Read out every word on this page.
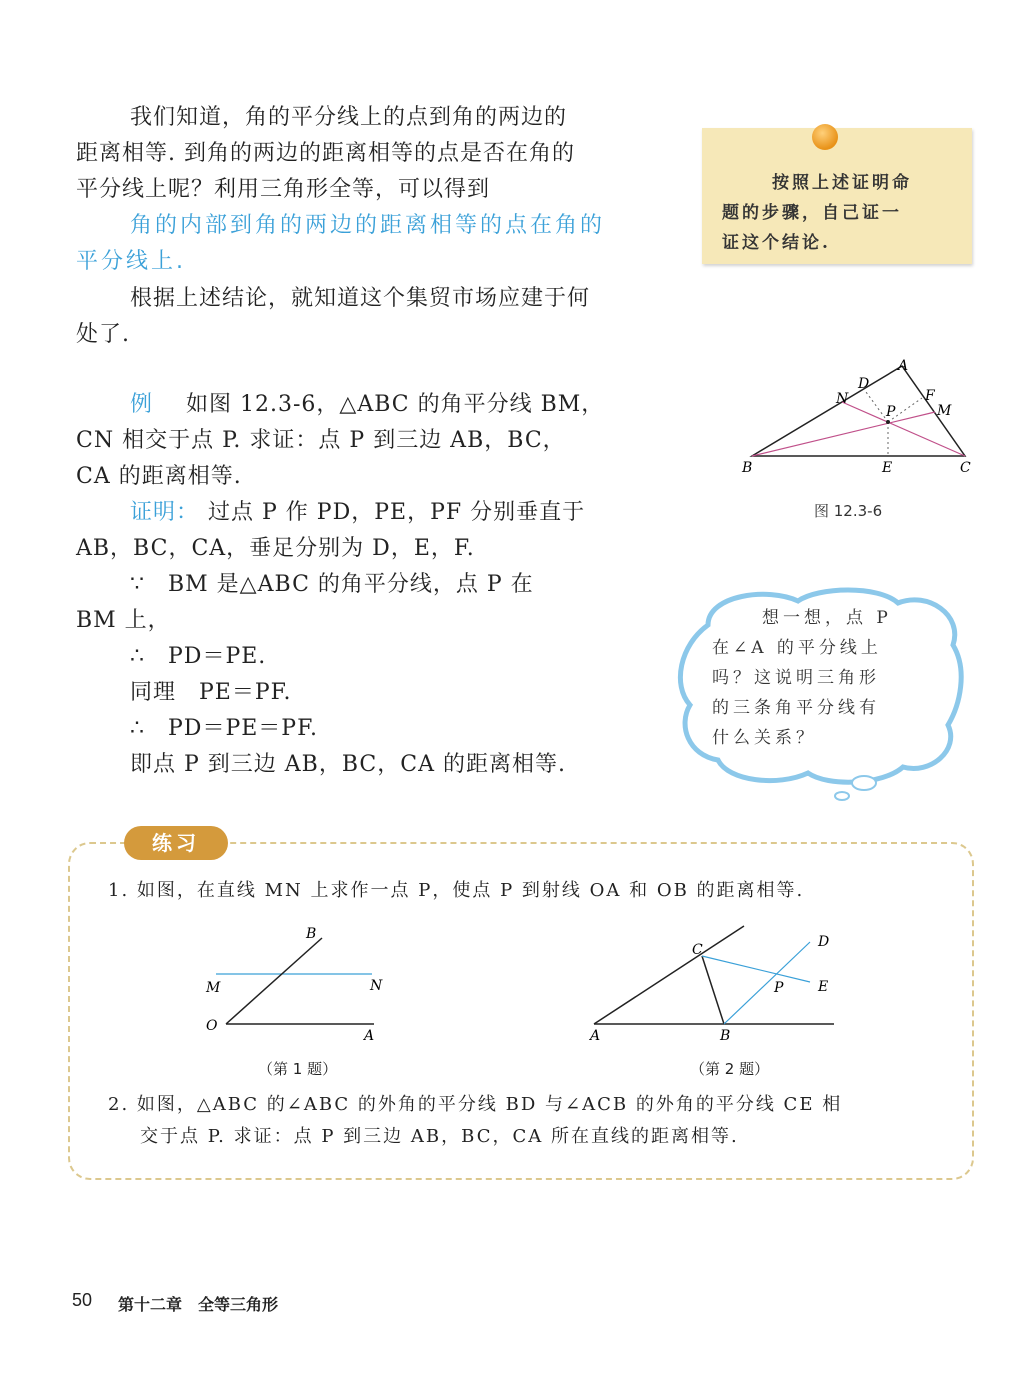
我们知道，角的平分线上的点到角的两边的
距离相等. 到角的两边的距离相等的点是否在角的
平分线上呢？利用三角形全等，可以得到
角的内部到角的两边的距离相等的点在角的
平分线上.
根据上述结论，就知道这个集贸市场应建于何
处了.
按照上述证明命
题的步骤，自己证一
证这个结论.
例 如图 12.3-6，△ABC 的角平分线 BM，
CN 相交于点 P. 求证：点 P 到三边 AB，BC，
CA 的距离相等.
证明： 过点 P 作 PD，PE，PF 分别垂直于
AB，BC，CA，垂足分别为 D，E，F.
∵　BM 是△ABC 的角平分线，点 P 在
BM 上，
∴　PD＝PE.
同理　PE＝PF.
∴　PD＝PE＝PF.
即点 P 到三边 AB，BC，CA 的距离相等.
A
B	C
D
E
F
M
N
P
图 12.3-6
想一想，点 P
在∠A 的平分线上
吗？这说明三角形
的三条角平分线有
什么关系？
练习
1. 如图，在直线 MN 上求作一点 P，使点 P 到射线 OA 和 OB 的距离相等.
B
M	N
O
A
（第 1 题）
C	D
E
P
A	B
（第 2 题）
2. 如图，△ABC 的∠ABC 的外角的平分线 BD 与∠ACB 的外角的平分线 CE 相
交于点 P. 求证：点 P 到三边 AB，BC，CA 所在直线的距离相等.
50 第十二章　全等三角形
